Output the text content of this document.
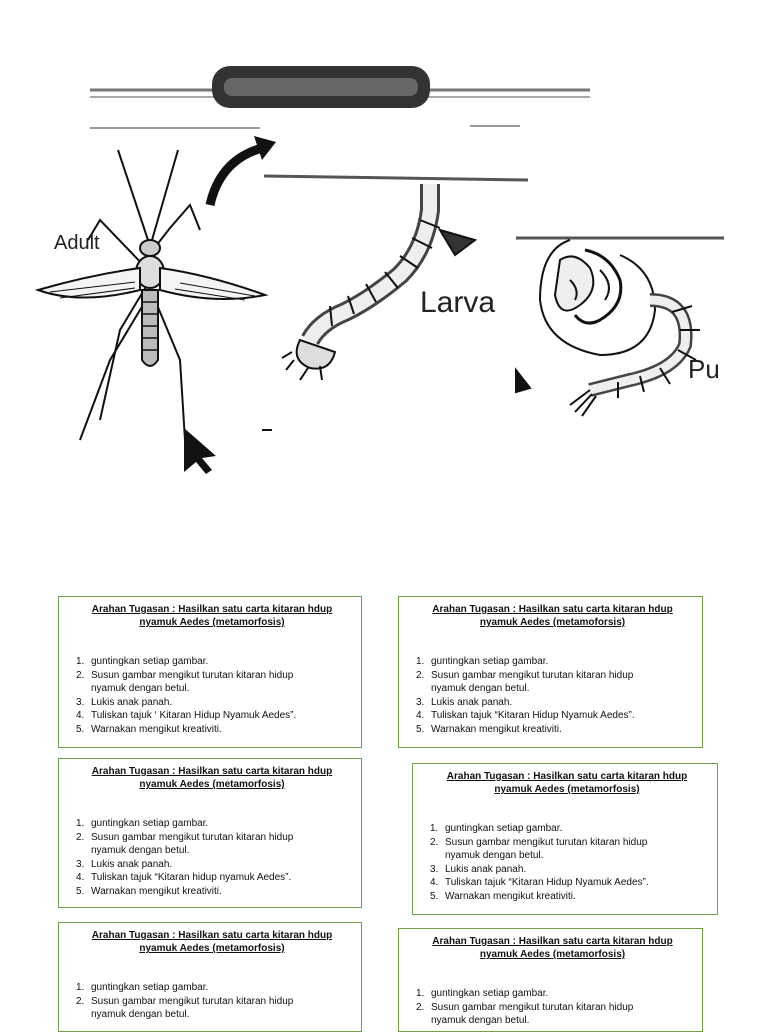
Adult
Larva
Pu
Arahan Tugasan : Hasilkan satu carta kitaran hdup
nyamuk Aedes (metamorfosis)
1. guntingkan setiap gambar.
2. Susun gambar mengikut turutan kitaran hidup
nyamuk dengan betul.
3. Lukis anak panah.
4. Tuliskan tajuk ‘ Kitaran Hidup Nyamuk Aedes”.
5. Warnakan mengikut kreativiti.
Arahan Tugasan : Hasilkan satu carta kitaran hdup
nyamuk Aedes (metamoforsis)
1. guntingkan setiap gambar.
2. Susun gambar mengikut turutan kitaran hidup
nyamuk dengan betul.
3. Lukis anak panah.
4. Tuliskan tajuk “Kitaran Hidup Nyamuk Aedes”.
5. Warnakan mengikut kreativiti.
Arahan Tugasan : Hasilkan satu carta kitaran hdup
nyamuk Aedes (metamorfosis)
1. guntingkan setiap gambar.
2. Susun gambar mengikut turutan kitaran hidup
nyamuk dengan betul.
3. Lukis anak panah.
4. Tuliskan tajuk “Kitaran hidup nyamuk Aedes”.
5. Warnakan mengikut kreativiti.
Arahan Tugasan : Hasilkan satu carta kitaran hdup
nyamuk Aedes (metamorfosis)
1. guntingkan setiap gambar.
2. Susun gambar mengikut turutan kitaran hidup
nyamuk dengan betul.
3. Lukis anak panah.
4. Tuliskan tajuk “Kitaran Hidup Nyamuk Aedes”.
5. Warnakan mengikut kreativiti.
Arahan Tugasan : Hasilkan satu carta kitaran hdup
nyamuk Aedes (metamorfosis)
1. guntingkan setiap gambar.
2. Susun gambar mengikut turutan kitaran hidup
nyamuk dengan betul.
Arahan Tugasan : Hasilkan satu carta kitaran hdup
nyamuk Aedes (metamorfosis)
1. guntingkan setiap gambar.
2. Susun gambar mengikut turutan kitaran hidup
nyamuk dengan betul.
